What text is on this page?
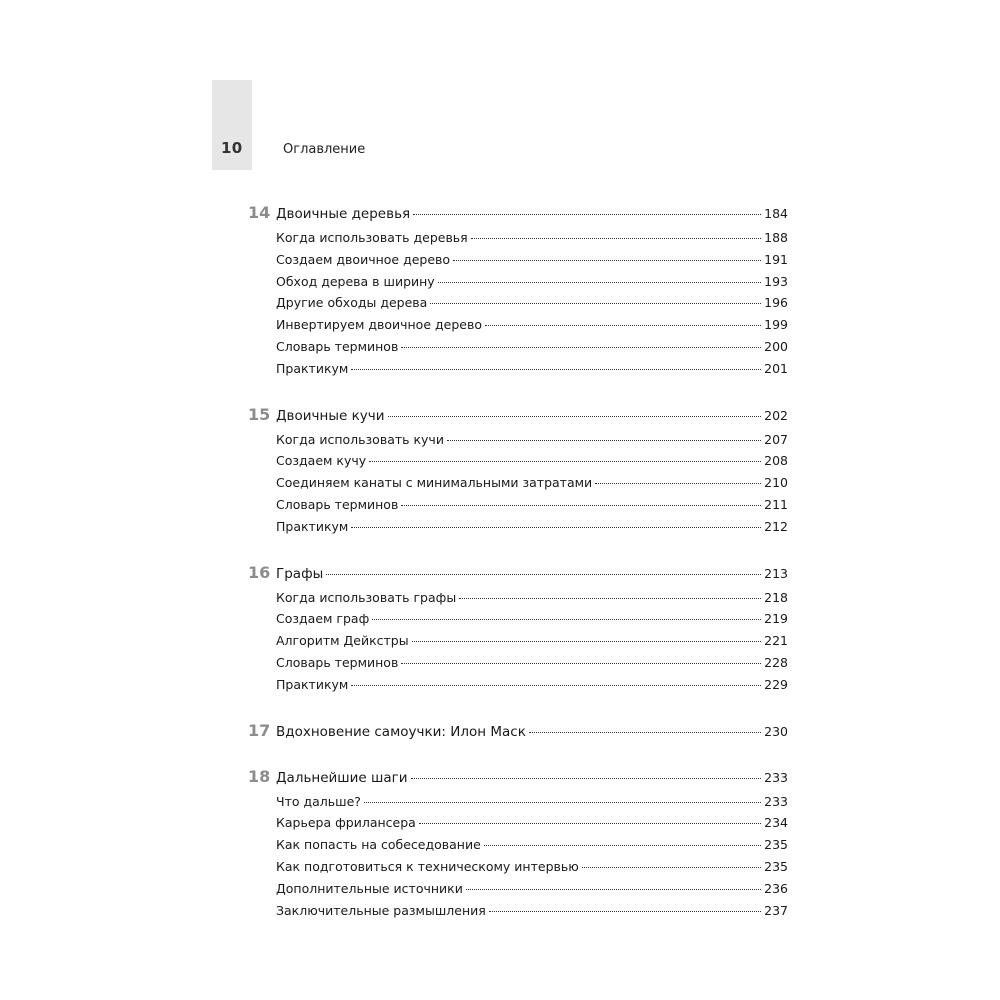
10	Оглавление
14 Двоичные деревья	184
Когда использовать деревья	188
Создаем двоичное дерево	191
Обход дерева в ширину	193
Другие обходы дерева	196
Инвертируем двоичное дерево	199
Словарь терминов	200
Практикум	201
15 Двоичные кучи	202
Когда использовать кучи	207
Создаем кучу	208
Соединяем канаты с минимальными затратами	210
Словарь терминов	211
Практикум	212
16 Графы	213
Когда использовать графы	218
Создаем граф	219
Алгоритм Дейкстры	221
Словарь терминов	228
Практикум	229
17 Вдохновение самоучки: Илон Маск	230
18 Дальнейшие шаги	233
Что дальше?	233
Карьера фрилансера	234
Как попасть на собеседование	235
Как подготовиться к техническому интервью	235
Дополнительные источники	236
Заключительные размышления	237
